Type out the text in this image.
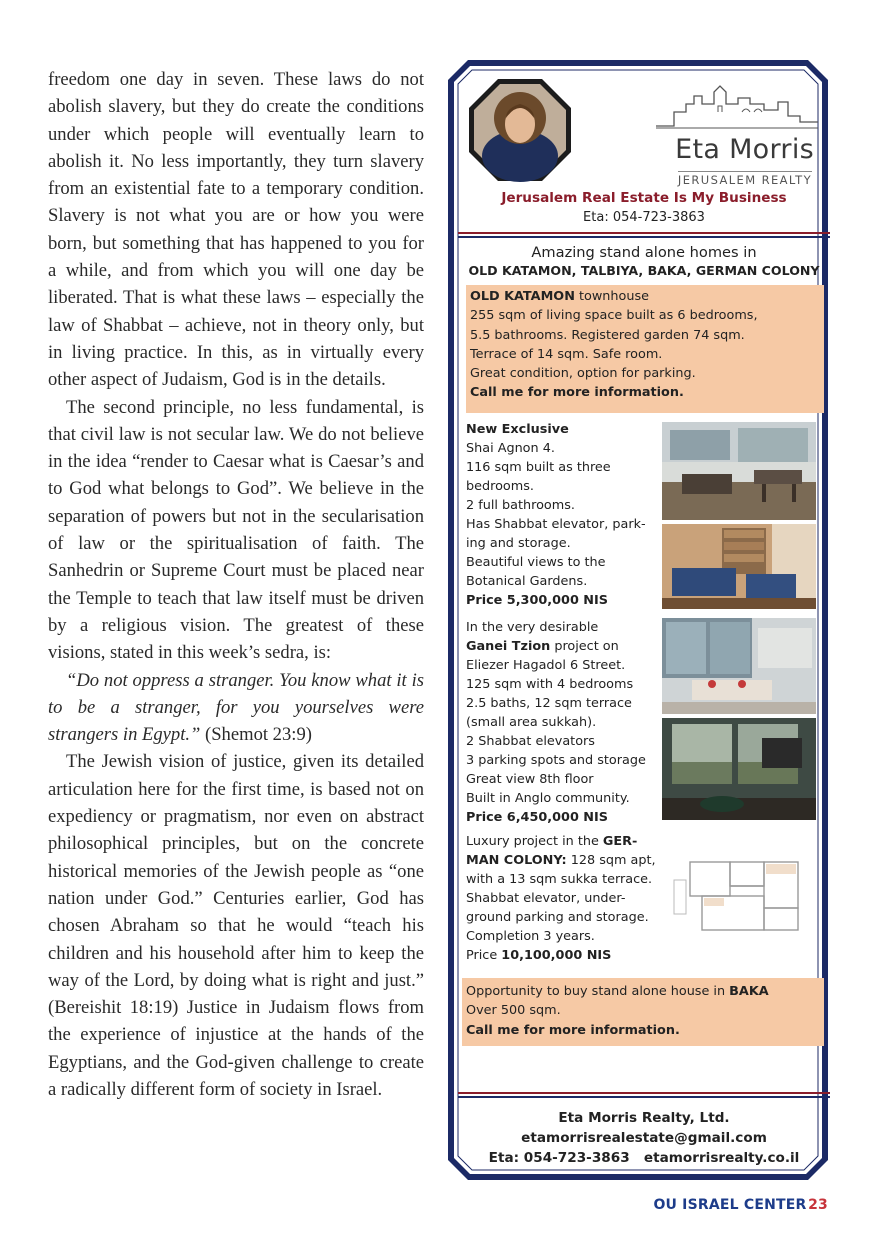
freedom one day in seven. These laws do not abolish slavery, but they do create the conditions under which people will eventually learn to abolish it. No less importantly, they turn slavery from an existential fate to a temporary condition. Slavery is not what you are or how you were born, but something that has happened to you for a while, and from which you will one day be liberated. That is what these laws – especially the law of Shabbat – achieve, not in theory only, but in living practice. In this, as in virtually every other aspect of Judaism, God is in the details.

The second principle, no less fundamental, is that civil law is not secular law. We do not believe in the idea “render to Caesar what is Caesar’s and to God what belongs to God”. We believe in the separation of powers but not in the secularisation of law or the spiritualisation of faith. The Sanhedrin or Supreme Court must be placed near the Temple to teach that law itself must be driven by a religious vision. The greatest of these visions, stated in this week’s sedra, is:

“Do not oppress a stranger. You know what it is to be a stranger, for you yourselves were strangers in Egypt.” (Shemot 23:9)

The Jewish vision of justice, given its detailed articulation here for the first time, is based not on expediency or pragmatism, nor even on abstract philosophical principles, but on the concrete historical memories of the Jewish people as “one nation under God.” Centuries earlier, God has chosen Abraham so that he would “teach his children and his household after him to keep the way of the Lord, by doing what is right and just.” (Bereishit 18:19) Justice in Judaism flows from the experience of injustice at the hands of the Egyptians, and the God-given challenge to create a radically different form of society in Israel.

Eta Morris
JERUSALEM REALTY
Jerusalem Real Estate Is My Business
Eta: 054-723-3863
Amazing stand alone homes in
OLD KATAMON, TALBIYA, BAKA, GERMAN COLONY
OLD KATAMON townhouse
255 sqm of living space built as 6 bedrooms,
5.5 bathrooms. Registered garden 74 sqm.
Terrace of 14 sqm. Safe room.
Great condition, option for parking.
Call me for more information.
New Exclusive
Shai Agnon 4.
116 sqm built as three
bedrooms.
2 full bathrooms.
Has Shabbat elevator, park-
ing and storage.
Beautiful views to the
Botanical Gardens.
Price 5,300,000 NIS
In the very desirable
Ganei Tzion project on
Eliezer Hagadol 6 Street.
125 sqm with 4 bedrooms
2.5 baths, 12 sqm terrace
(small area sukkah).
2 Shabbat elevators
3 parking spots and storage
Great view 8th floor
Built in Anglo community.
Price 6,450,000 NIS
Luxury project in the GER-
MAN COLONY: 128 sqm apt,
with a 13 sqm sukka terrace.
Shabbat elevator, under-
ground parking and storage.
Completion 3 years.
Price 10,100,000 NIS
Opportunity to buy stand alone house in BAKA
Over 500 sqm.
Call me for more information.
Eta Morris Realty, Ltd.
etamorrisrealestate@gmail.com
Eta: 054-723-3863 etamorrisrealty.co.il
OU ISRAEL CENTER  23
